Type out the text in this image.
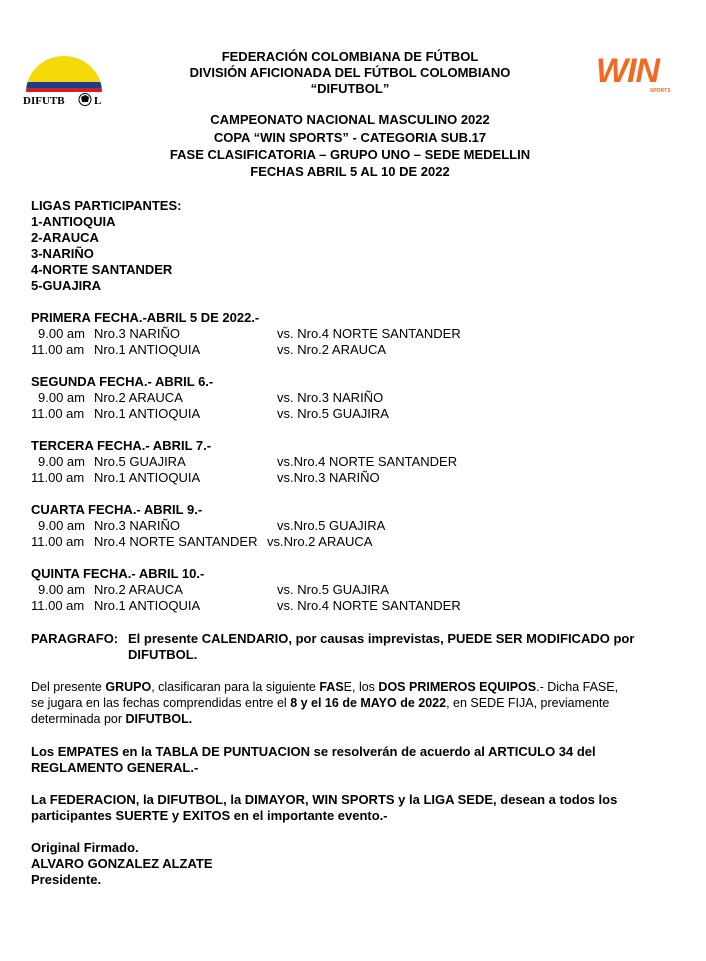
DIFUTB	L
WIN
SPORTS
FEDERACIÓN COLOMBIANA DE FÚTBOL
DIVISIÓN AFICIONADA DEL FÚTBOL COLOMBIANO
“DIFUTBOL”
CAMPEONATO NACIONAL MASCULINO 2022
COPA “WIN SPORTS” - CATEGORIA SUB.17
FASE CLASIFICATORIA – GRUPO UNO – SEDE MEDELLIN
FECHAS ABRIL 5 AL 10 DE 2022
LIGAS PARTICIPANTES:
1-ANTIOQUIA
2-ARAUCA
3-NARIÑO
4-NORTE SANTANDER
5-GUAJIRA
PRIMERA FECHA.-ABRIL 5 DE 2022.-
9.00 am Nro.3 NARIÑO	vs. Nro.4 NORTE SANTANDER
11.00 am Nro.1 ANTIOQUIA	vs. Nro.2 ARAUCA
SEGUNDA FECHA.- ABRIL 6.-
9.00 am Nro.2 ARAUCA	vs. Nro.3 NARIÑO
11.00 am Nro.1 ANTIOQUIA	vs. Nro.5 GUAJIRA
TERCERA FECHA.- ABRIL 7.-
9.00 am Nro.5 GUAJIRA	vs.Nro.4 NORTE SANTANDER
11.00 am Nro.1 ANTIOQUIA	vs.Nro.3 NARIÑO
CUARTA FECHA.- ABRIL 9.-
9.00 am Nro.3 NARIÑO	vs.Nro.5 GUAJIRA
11.00 am Nro.4 NORTE SANTANDER vs.Nro.2 ARAUCA
QUINTA FECHA.- ABRIL 10.-
9.00 am Nro.2 ARAUCA	vs. Nro.5 GUAJIRA
11.00 am Nro.1 ANTIOQUIA	vs. Nro.4 NORTE SANTANDER
PARAGRAFO: El presente CALENDARIO, por causas imprevistas, PUEDE SER MODIFICADO por
DIFUTBOL.
Del presente GRUPO, clasificaran para la siguiente FASE, los DOS PRIMEROS EQUIPOS.- Dicha FASE,
se jugara en las fechas comprendidas entre el 8 y el 16 de MAYO de 2022, en SEDE FIJA, previamente
determinada por DIFUTBOL.
Los EMPATES en la TABLA DE PUNTUACION se resolverán de acuerdo al ARTICULO 34 del
REGLAMENTO GENERAL.-
La FEDERACION, la DIFUTBOL, la DIMAYOR, WIN SPORTS y la LIGA SEDE, desean a todos los
participantes SUERTE y EXITOS en el importante evento.-
Original Firmado.
ALVARO GONZALEZ ALZATE
Presidente.
